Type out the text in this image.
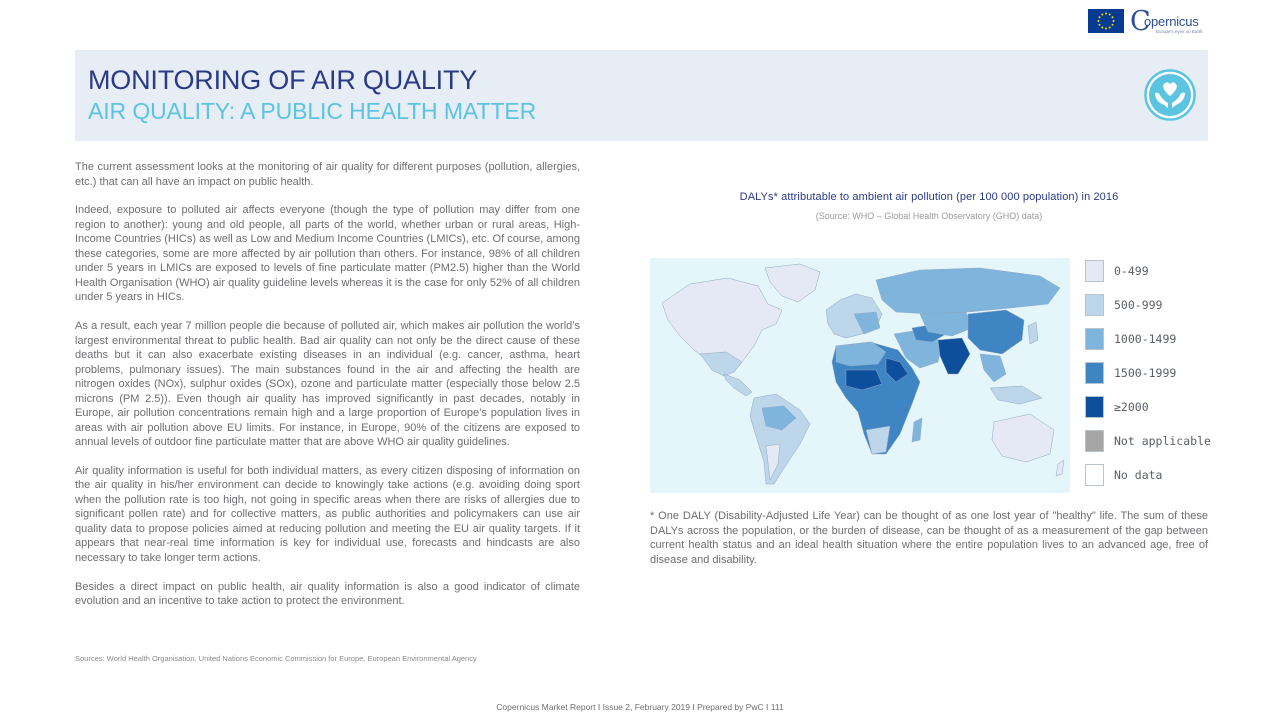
C
opernicus
Europe's eyes on Earth
MONITORING OF AIR QUALITY
AIR QUALITY: A PUBLIC HEALTH MATTER

The current assessment looks at the monitoring of air quality for different purposes (pollution, allergies, etc.) that can all have an impact on public health.

Indeed, exposure to polluted air affects everyone (though the type of pollution may differ from one region to another): young and old people, all parts of the world, whether urban or rural areas, High-Income Countries (HICs) as well as Low and Medium Income Countries (LMICs), etc. Of course, among these categories, some are more affected by air pollution than others. For instance, 98% of all children under 5 years in LMICs are exposed to levels of fine particulate matter (PM2.5) higher than the World Health Organisation (WHO) air quality guideline levels whereas it is the case for only 52% of all children under 5 years in HICs.

As a result, each year 7 million people die because of polluted air, which makes air pollution the world’s largest environmental threat to public health. Bad air quality can not only be the direct cause of these deaths but it can also exacerbate existing diseases in an individual (e.g. cancer, asthma, heart problems, pulmonary issues). The main substances found in the air and affecting the health are nitrogen oxides (NOx), sulphur oxides (SOx), ozone and particulate matter (especially those below 2.5 microns (PM 2.5)). Even though air quality has improved significantly in past decades, notably in Europe, air pollution concentrations remain high and a large proportion of Europe’s population lives in areas with air pollution above EU limits. For instance, in Europe, 90% of the citizens are exposed to annual levels of outdoor fine particulate matter that are above WHO air quality guidelines.

Air quality information is useful for both individual matters, as every citizen disposing of information on the air quality in his/her environment can decide to knowingly take actions (e.g. avoiding doing sport when the pollution rate is too high, not going in specific areas when there are risks of allergies due to significant pollen rate) and for collective matters, as public authorities and policymakers can use air quality data to propose policies aimed at reducing pollution and meeting the EU air quality targets. If it appears that near-real time information is key for individual use, forecasts and hindcasts are also necessary to take longer term actions.

Besides a direct impact on public health, air quality information is also a good indicator of climate evolution and an incentive to take action to protect the environment.

Sources: World Health Organisation, United Nations Economic Commission for Europe, European Environmental Agency
DALYs* attributable to ambient air pollution (per 100 000 population) in 2016
(Source: WHO – Global Health Observatory (GHO) data)
0-499
500-999
1000-1499
1500-1999
≥2000
Not applicable
No data
* One DALY (Disability-Adjusted Life Year) can be thought of as one lost year of "healthy" life. The sum of these DALYs across the population, or the burden of disease, can be thought of as a measurement of the gap between current health status and an ideal health situation where the entire population lives to an advanced age, free of disease and disability.
Copernicus Market Report I Issue 2, February 2019 I Prepared by PwC I 111
